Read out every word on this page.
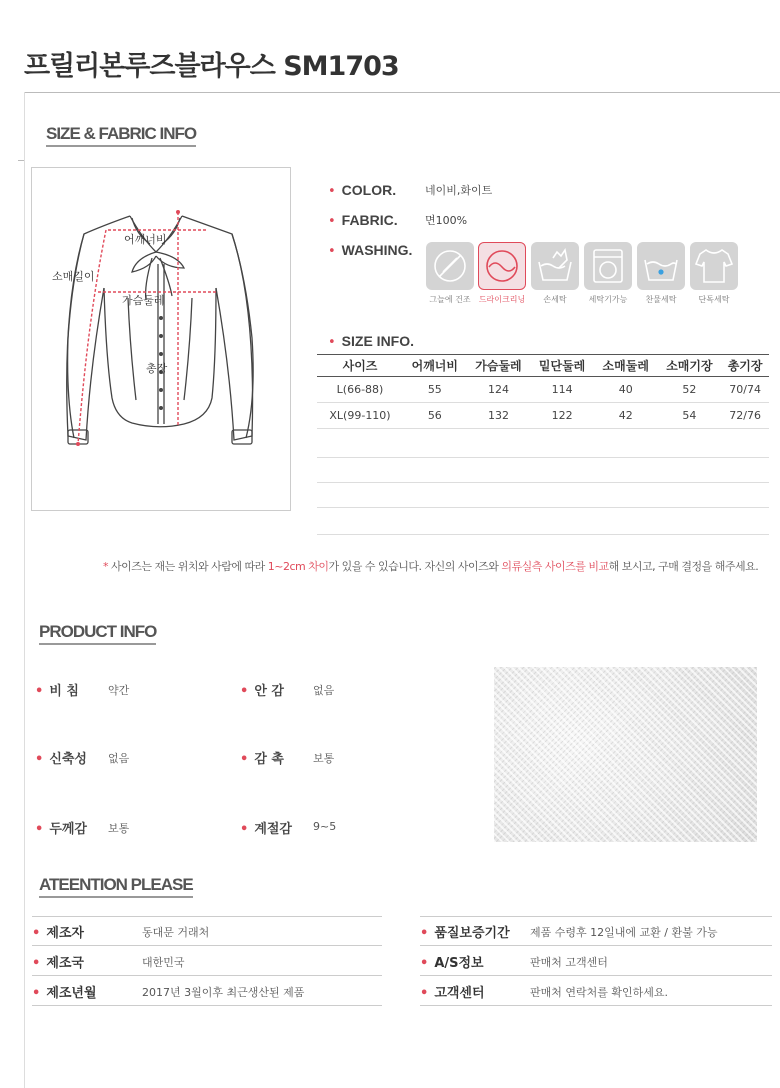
프릴리본루즈블라우스 SM1703
SIZE & FABRIC INFO
어깨너비
소매길이
가슴둘레
총장
• COLOR.	네이비,화이트
• FABRIC. 면100%
• WASHING.
그늘에 건조	드라이크리닝	손세탁	세탁기가능	찬물세탁	단독세탁
• SIZE INFO.
사이즈	어깨너비	가슴둘레	밑단둘레	소매둘레	소매기장	총기장
L(66-88)	55	124	114	40	52	70/74
XL(99-110)	56	132	122	42	54	72/76
* 사이즈는 재는 위치와 사람에 따라 1~2cm 차이가 있을 수 있습니다. 자신의 사이즈와 의류실측 사이즈를 비교해 보시고, 구매 결정을 해주세요.
PRODUCT INFO
• 비 침	약간	• 안 감	없음
• 신축성 없음	• 감 촉	보통
• 두께감 보통	• 계절감 9~5
ATEENTION PLEASE
• 제조자	동대문 거래처
• 제조국	대한민국
• 제조년월	2017년 3월이후 최근생산된 제품
• 품질보증기간 제품 수령후 12일내에 교환 / 환불 가능
• A/S정보	판매처 고객센터
• 고객센터	판매처 연락처를 확인하세요.
